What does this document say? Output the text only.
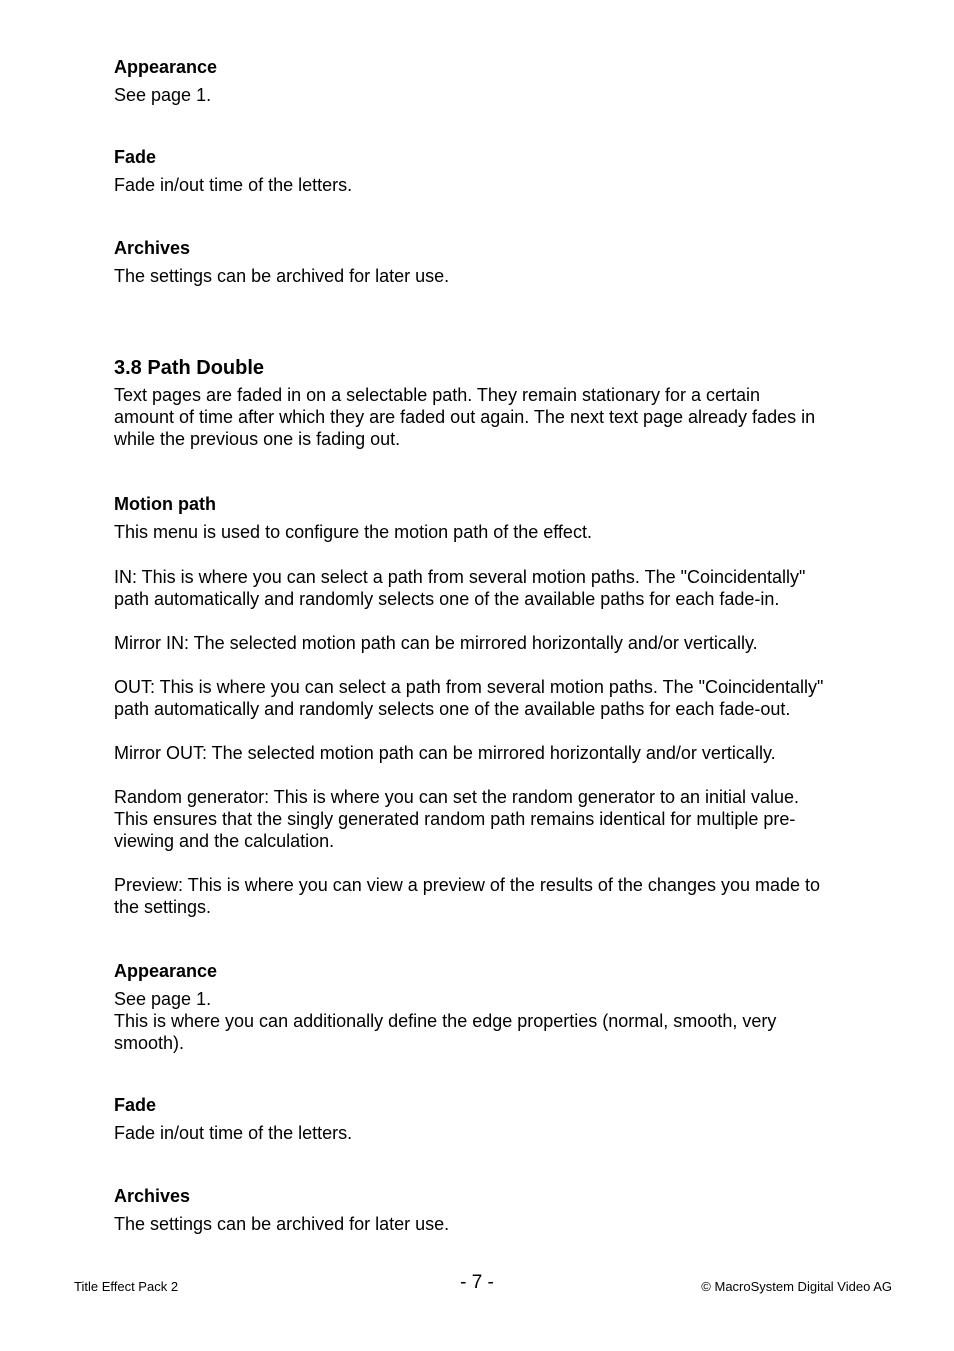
Appearance

See page 1.

Fade

Fade in/out time of the letters.

Archives

The settings can be archived for later use.

3.8 Path Double

Text pages are faded in on a selectable path. They remain stationary for a certain

amount of time after which they are faded out again. The next text page already fades in

while the previous one is fading out.

Motion path

This menu is used to configure the motion path of the effect.

IN: This is where you can select a path from several motion paths. The "Coincidentally"

path automatically and randomly selects one of the available paths for each fade-in.

Mirror IN: The selected motion path can be mirrored horizontally and/or vertically.

OUT: This is where you can select a path from several motion paths. The "Coincidentally"

path automatically and randomly selects one of the available paths for each fade-out.

Mirror OUT: The selected motion path can be mirrored horizontally and/or vertically.

Random generator: This is where you can set the random generator to an initial value.

This ensures that the singly generated random path remains identical for multiple pre-

viewing and the calculation.

Preview: This is where you can view a preview of the results of the changes you made to

the settings.

Appearance

See page 1.

This is where you can additionally define the edge properties (normal, smooth, very

smooth).

Fade

Fade in/out time of the letters.

Archives

The settings can be archived for later use.

Title Effect Pack 2	- 7 -	© MacroSystem Digital Video AG
